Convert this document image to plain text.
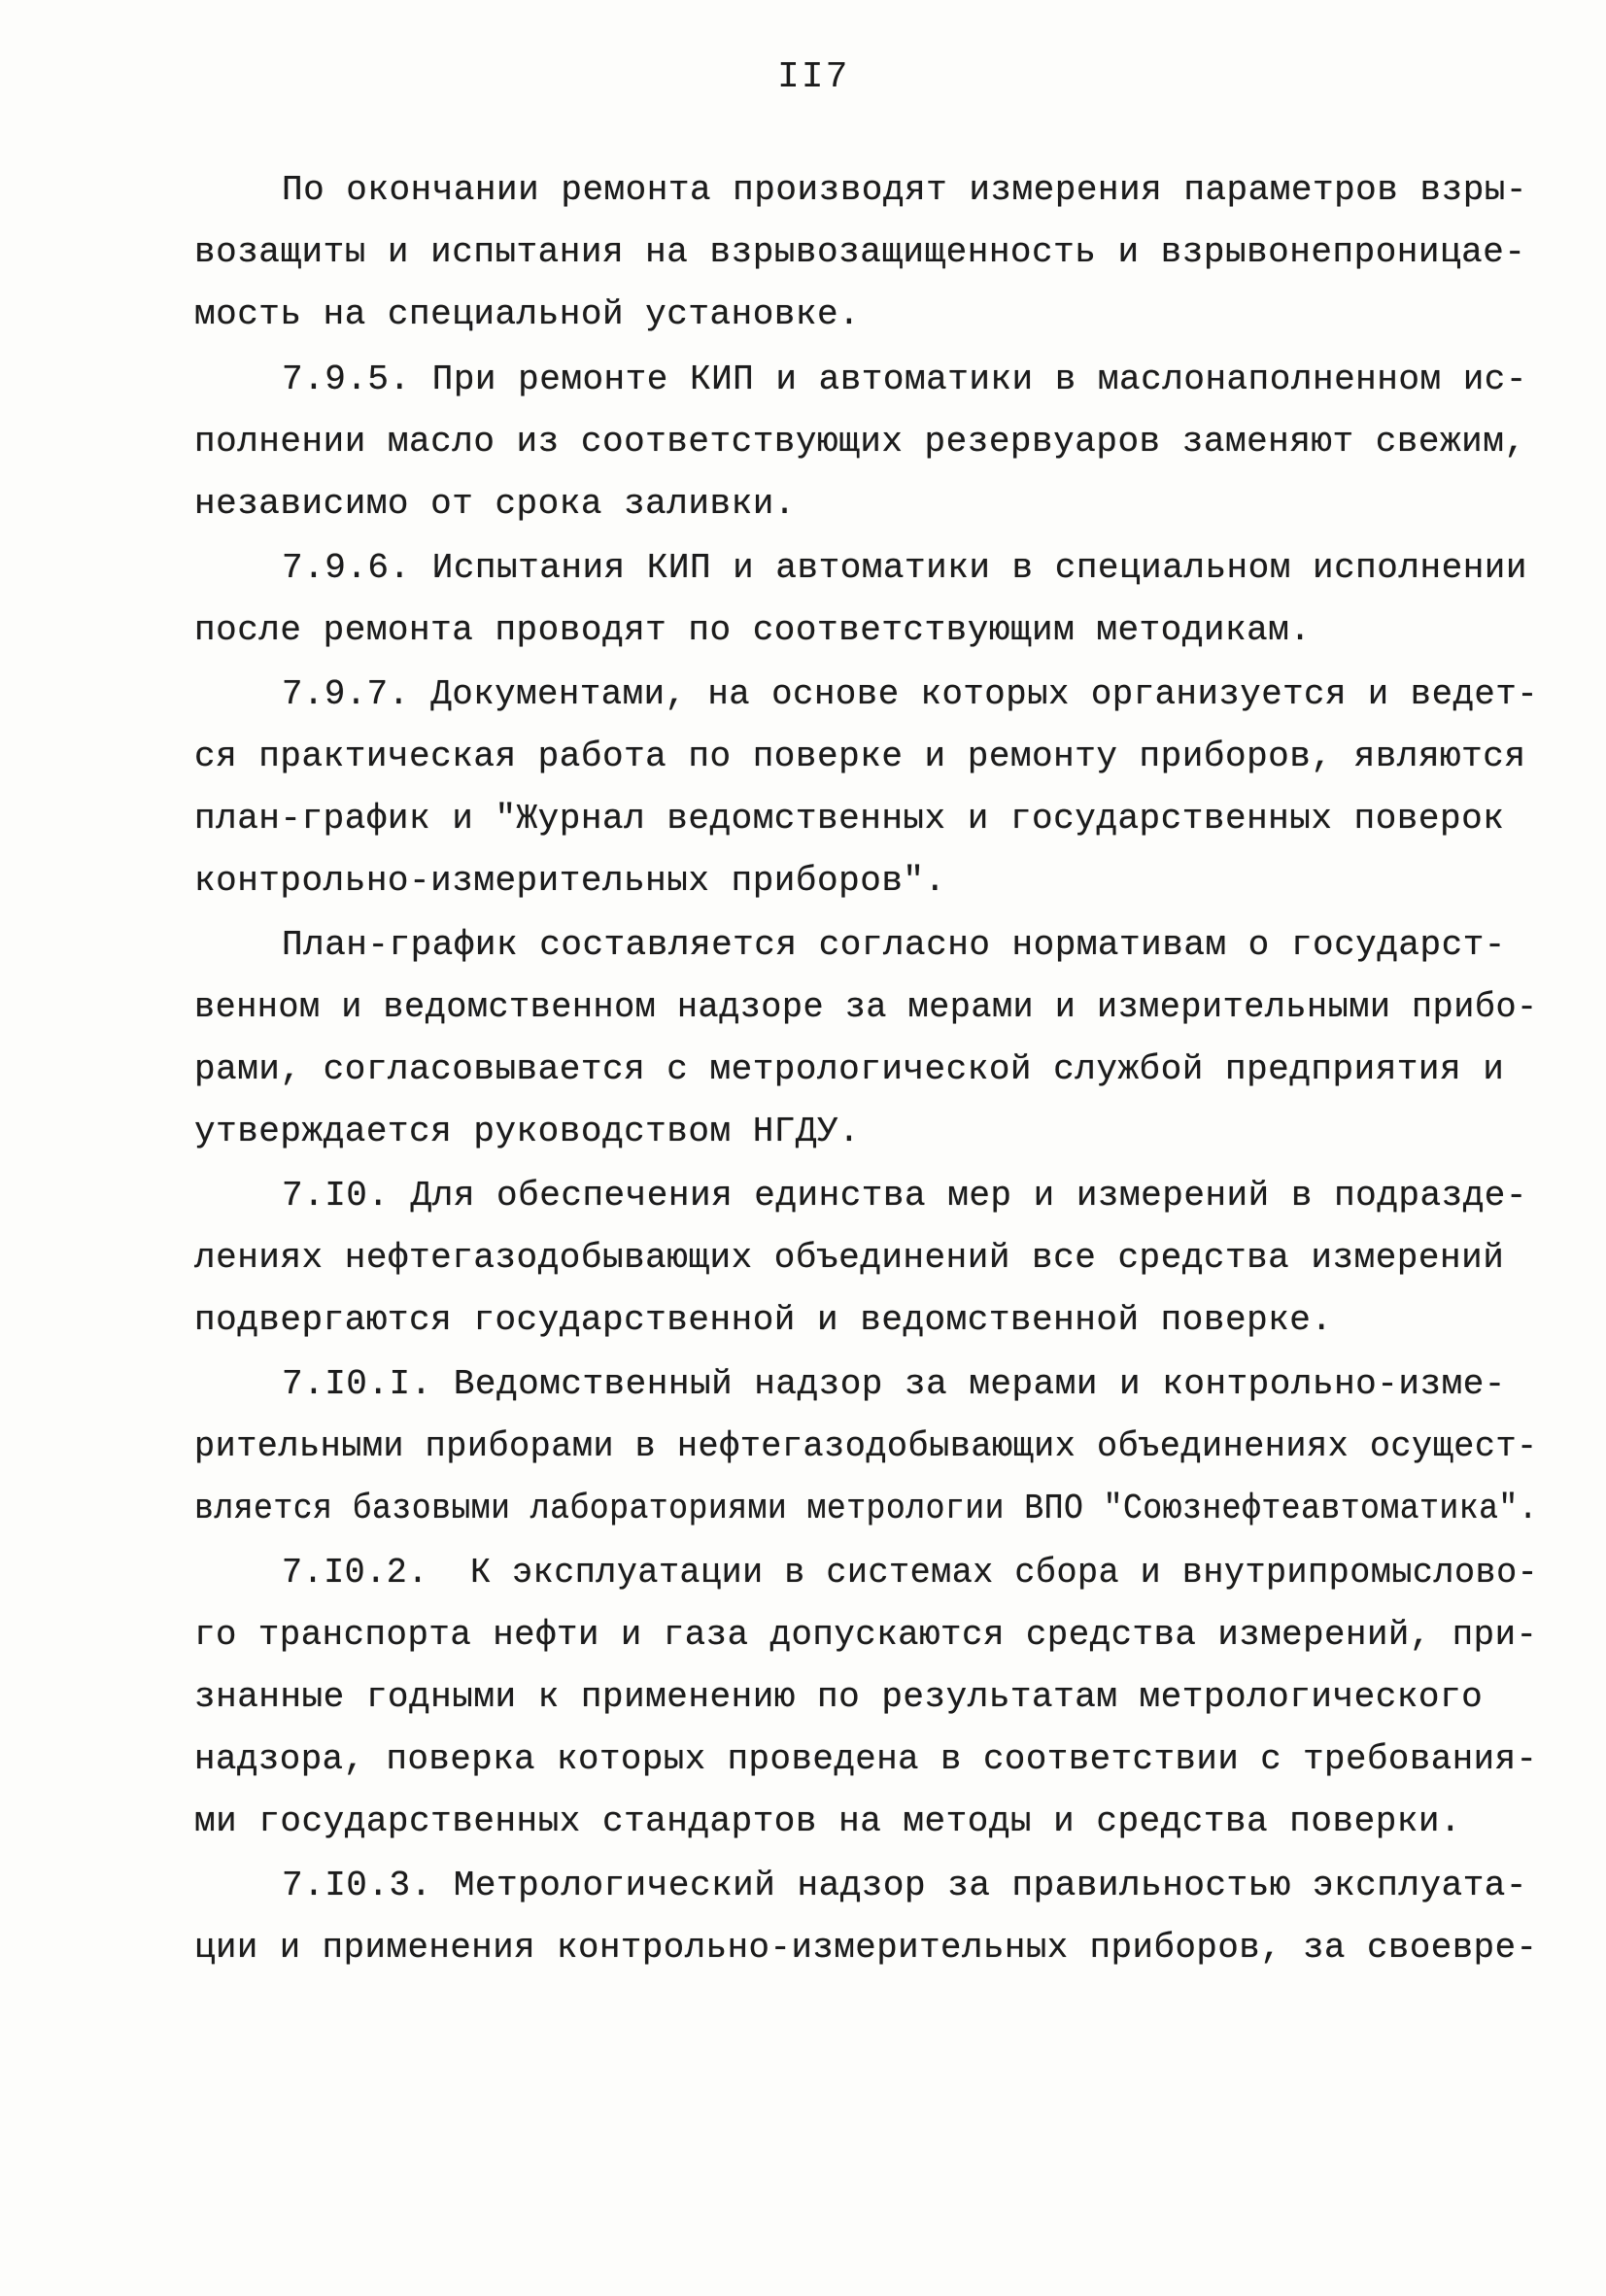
II7
По окончании ремонта производят измерения параметров взры-
возащиты и испытания на взрывозащищенность и взрывонепроницае-
мость на специальной установке.
7.9.5. При ремонте КИП и автоматики в маслонаполненном ис-
полнении масло из соответствующих резервуаров заменяют свежим,
независимо от срока заливки.
7.9.6. Испытания КИП и автоматики в специальном исполнении
после ремонта проводят по соответствующим методикам.
7.9.7. Документами, на основе которых организуется и ведет-
ся практическая работа по поверке и ремонту приборов, являются
план-график и "Журнал ведомственных и государственных поверок
контрольно-измерительных приборов".
План-график составляется согласно нормативам о государст-
венном и ведомственном надзоре за мерами и измерительными прибо-
рами, согласовывается с метрологической службой предприятия и
утверждается руководством НГДУ.
7.I0. Для обеспечения единства мер и измерений в подразде-
лениях нефтегазодобывающих объединений все средства измерений
подвергаются государственной и ведомственной поверке.
7.I0.I. Ведомственный надзор за мерами и контрольно-изме-
рительными приборами в нефтегазодобывающих объединениях осущест-
вляется базовыми лабораториями метрологии ВПО "Союзнефтеавтоматика".
7.I0.2.  К эксплуатации в системах сбора и внутрипромыслово-
го транспорта нефти и газа допускаются средства измерений, при-
знанные годными к применению по результатам метрологического
надзора, поверка которых проведена в соответствии с требования-
ми государственных стандартов на методы и средства поверки.
7.I0.3. Метрологический надзор за правильностью эксплуата-
ции и применения контрольно-измерительных приборов, за своевре-
